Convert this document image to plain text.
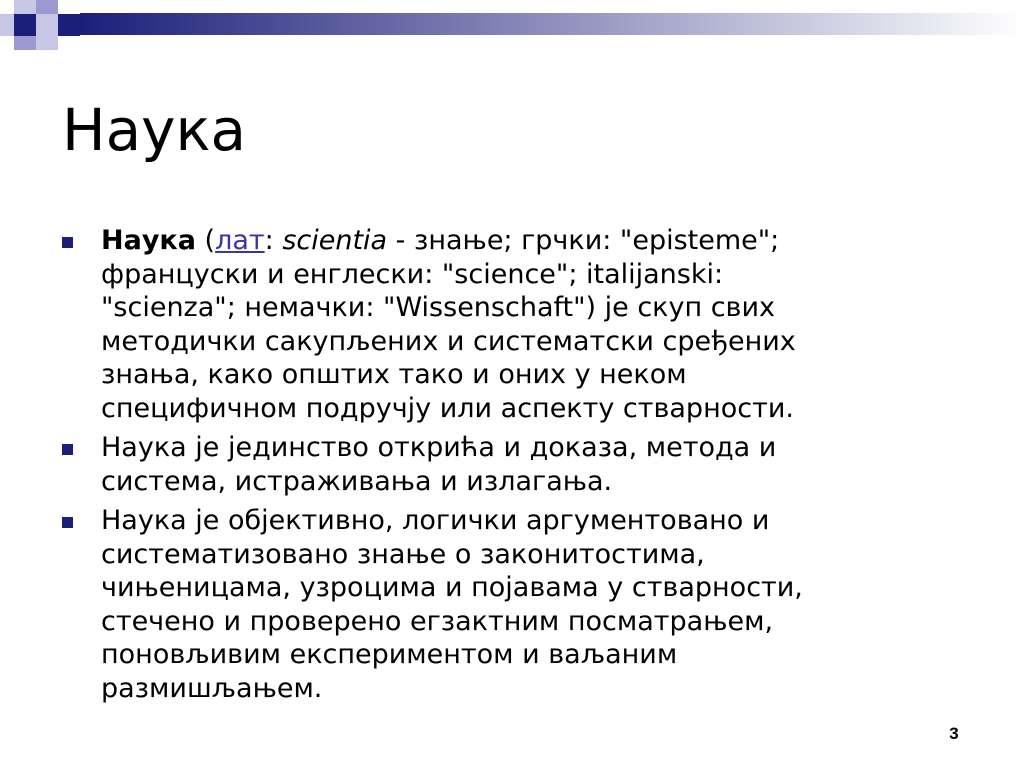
Наука
Наука (лат: scientia - знање; грчки: "episteme";
француски и енглески: "science"; italijanski:
"scienza"; немачки: "Wissenschaft") је скуп свих
методички сакупљених и систематски сређених
знања, како општих тако и оних у неком
специфичном подручју или аспекту стварности.
Наука је јединство открића и доказа, метода и
система, истраживања и излагања.
Наука је објективно, логички аргументовано и
систематизовано знање о законитостима,
чињеницама, узроцима и појавама у стварности,
стечено и проверено егзактним посматрањем,
поновљивим експериментом и ваљаним
размишљањем.
3
